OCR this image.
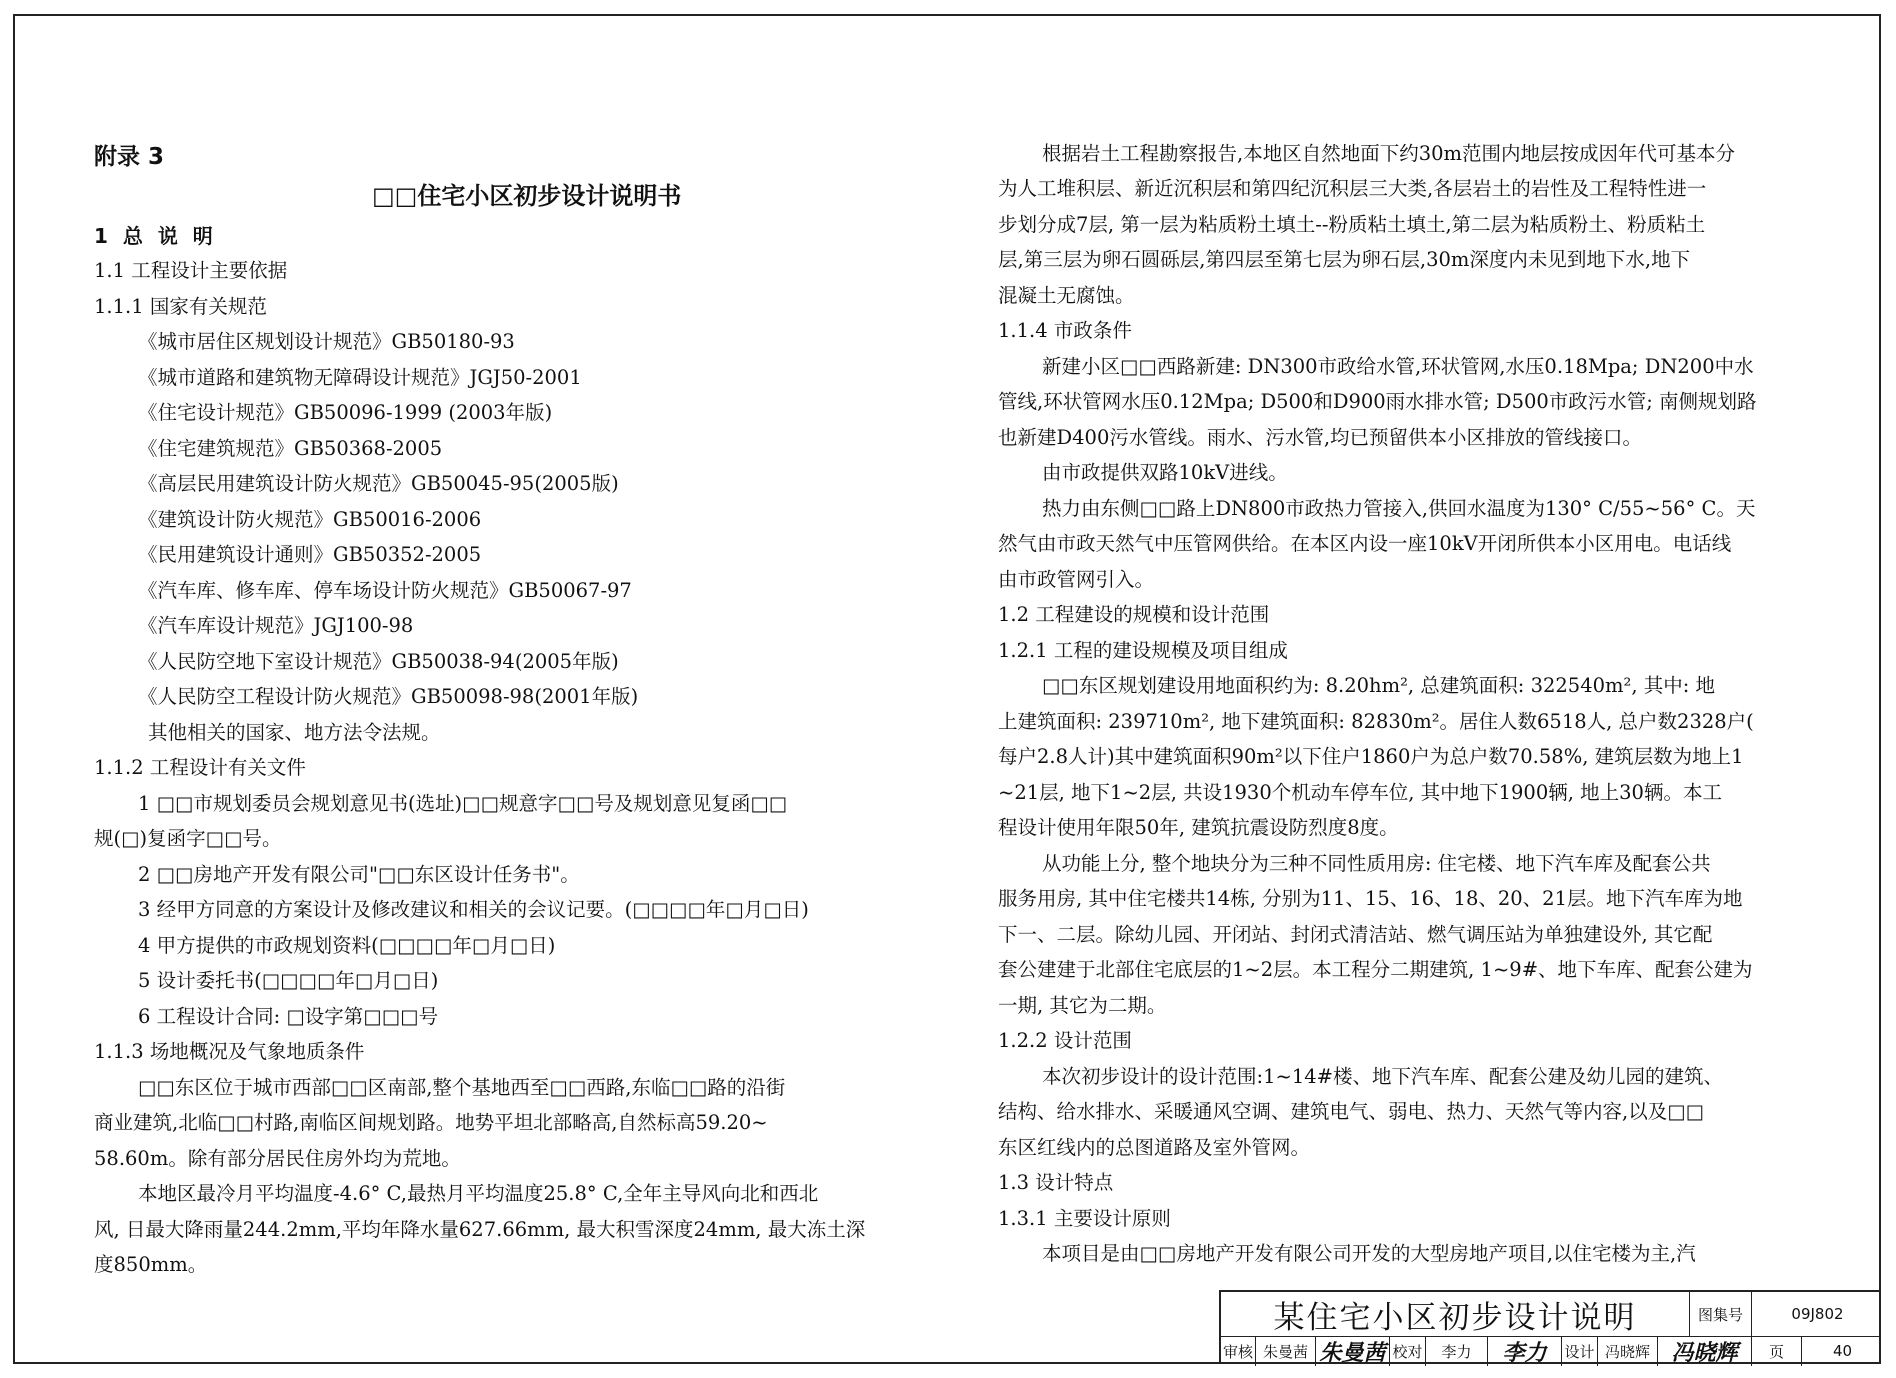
附录 3
□□住宅小区初步设计说明书
1 总 说 明
1.1 工程设计主要依据
1.1.1 国家有关规范
《城市居住区规划设计规范》GB50180-93
《城市道路和建筑物无障碍设计规范》JGJ50-2001
《住宅设计规范》GB50096-1999 (2003年版)
《住宅建筑规范》GB50368-2005
《高层民用建筑设计防火规范》GB50045-95(2005版)
《建筑设计防火规范》GB50016-2006
《民用建筑设计通则》GB50352-2005
《汽车库、修车库、停车场设计防火规范》GB50067-97
《汽车库设计规范》JGJ100-98
《人民防空地下室设计规范》GB50038-94(2005年版)
《人民防空工程设计防火规范》GB50098-98(2001年版)
其他相关的国家、地方法令法规。
1.1.2 工程设计有关文件
1 □□市规划委员会规划意见书(选址)□□规意字□□号及规划意见复函□□
规(□)复函字□□号。
2 □□房地产开发有限公司"□□东区设计任务书"。
3 经甲方同意的方案设计及修改建议和相关的会议记要。(□□□□年□月□日)
4 甲方提供的市政规划资料(□□□□年□月□日)
5 设计委托书(□□□□年□月□日)
6 工程设计合同: □设字第□□□号
1.1.3 场地概况及气象地质条件
□□东区位于城市西部□□区南部,整个基地西至□□西路,东临□□路的沿街
商业建筑,北临□□村路,南临区间规划路。地势平坦北部略高,自然标高59.20~
58.60m。除有部分居民住房外均为荒地。
本地区最冷月平均温度-4.6° C,最热月平均温度25.8° C,全年主导风向北和西北
风, 日最大降雨量244.2mm,平均年降水量627.66mm, 最大积雪深度24mm, 最大冻土深
度850mm。
根据岩土工程勘察报告,本地区自然地面下约30m范围内地层按成因年代可基本分
为人工堆积层、新近沉积层和第四纪沉积层三大类,各层岩土的岩性及工程特性进一
步划分成7层, 第一层为粘质粉土填土--粉质粘土填土,第二层为粘质粉土、粉质粘土
层,第三层为卵石圆砾层,第四层至第七层为卵石层,30m深度内未见到地下水,地下
混凝土无腐蚀。
1.1.4 市政条件
新建小区□□西路新建: DN300市政给水管,环状管网,水压0.18Mpa; DN200中水
管线,环状管网水压0.12Mpa; D500和D900雨水排水管; D500市政污水管; 南侧规划路
也新建D400污水管线。雨水、污水管,均已预留供本小区排放的管线接口。
由市政提供双路10kV进线。
热力由东侧□□路上DN800市政热力管接入,供回水温度为130° C/55~56° C。天
然气由市政天然气中压管网供给。在本区内设一座10kV开闭所供本小区用电。电话线
由市政管网引入。
1.2 工程建设的规模和设计范围
1.2.1 工程的建设规模及项目组成
□□东区规划建设用地面积约为: 8.20hm², 总建筑面积: 322540m², 其中: 地
上建筑面积: 239710m², 地下建筑面积: 82830m²。居住人数6518人, 总户数2328户(
每户2.8人计)其中建筑面积90m²以下住户1860户为总户数70.58%, 建筑层数为地上1
~21层, 地下1~2层, 共设1930个机动车停车位, 其中地下1900辆, 地上30辆。本工
程设计使用年限50年, 建筑抗震设防烈度8度。
从功能上分, 整个地块分为三种不同性质用房: 住宅楼、地下汽车库及配套公共
服务用房, 其中住宅楼共14栋, 分别为11、15、16、18、20、21层。地下汽车库为地
下一、二层。除幼儿园、开闭站、封闭式清洁站、燃气调压站为单独建设外, 其它配
套公建建于北部住宅底层的1~2层。本工程分二期建筑, 1~9#、地下车库、配套公建为
一期, 其它为二期。
1.2.2 设计范围
本次初步设计的设计范围:1~14#楼、地下汽车库、配套公建及幼儿园的建筑、
结构、给水排水、采暖通风空调、建筑电气、弱电、热力、天然气等内容,以及□□
东区红线内的总图道路及室外管网。
1.3 设计特点
1.3.1 主要设计原则
本项目是由□□房地产开发有限公司开发的大型房地产项目,以住宅楼为主,汽
某住宅小区初步设计说明	图集号	09J802
审核 朱曼茜 朱曼茜 校对	李力	李力	设计 冯晓辉 冯晓辉	页	40
